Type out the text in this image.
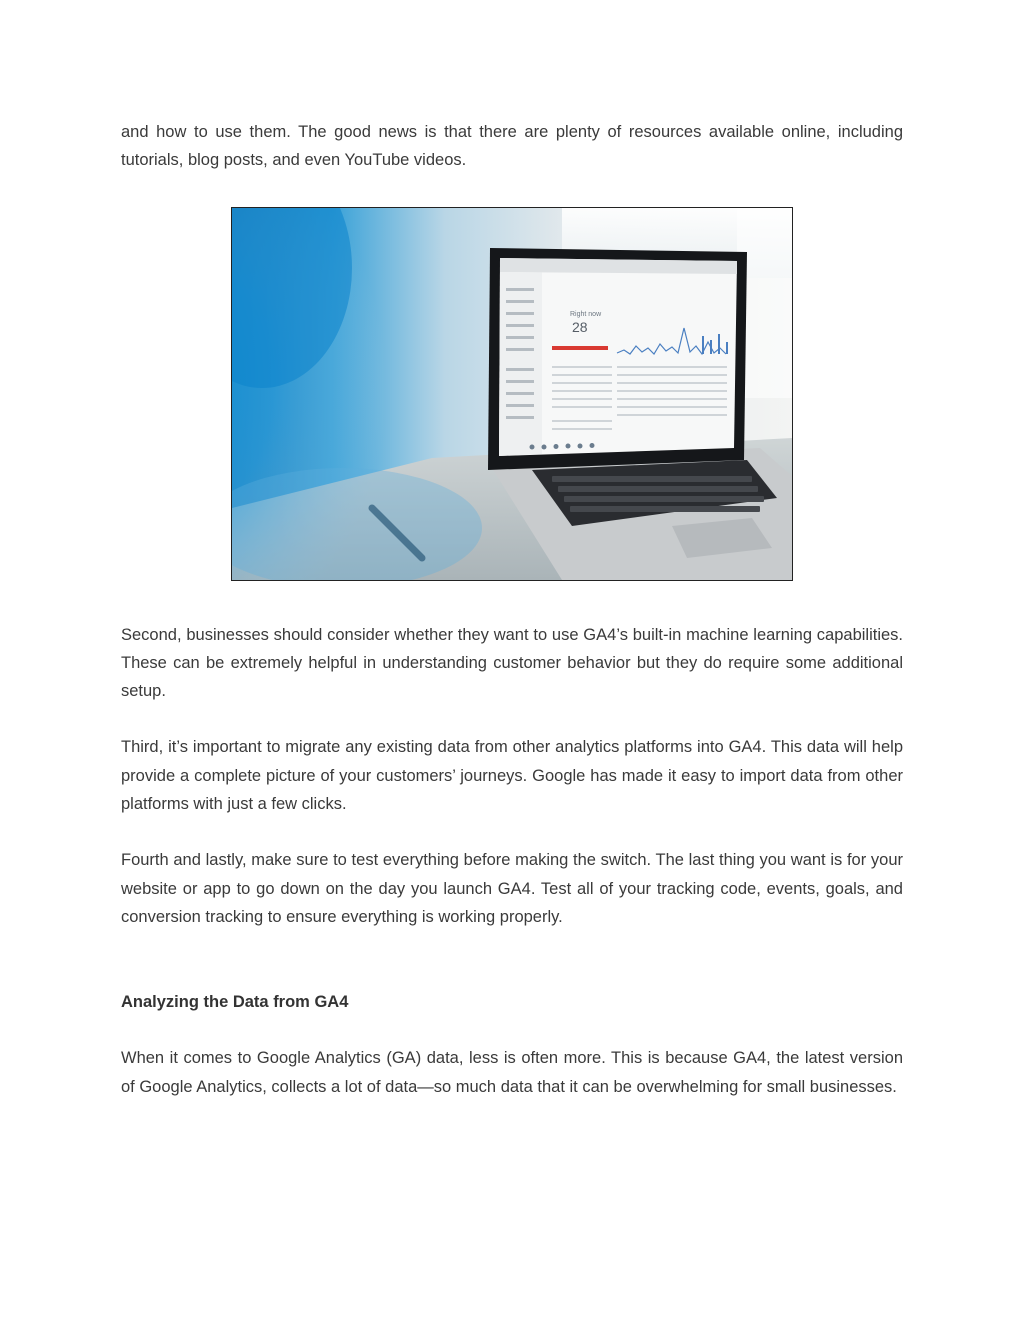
and how to use them. The good news is that there are plenty of resources available online, including tutorials, blog posts, and even YouTube videos.

Right now
28

Second, businesses should consider whether they want to use GA4’s built-in machine learning capabilities. These can be extremely helpful in understanding customer behavior but they do require some additional setup.

Third, it’s important to migrate any existing data from other analytics platforms into GA4. This data will help provide a complete picture of your customers’ journeys. Google has made it easy to import data from other platforms with just a few clicks.

Fourth and lastly, make sure to test everything before making the switch. The last thing you want is for your website or app to go down on the day you launch GA4. Test all of your tracking code, events, goals, and conversion tracking to ensure everything is working properly.

Analyzing the Data from GA4

When it comes to Google Analytics (GA) data, less is often more. This is because GA4, the latest version of Google Analytics, collects a lot of data—so much data that it can be overwhelming for small businesses.
